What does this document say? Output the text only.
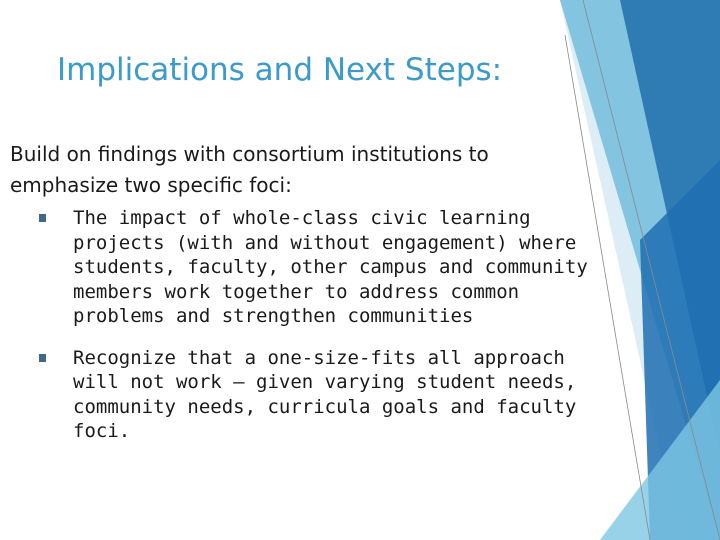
Implications and Next Steps:
Build on findings with consortium institutions to emphasize two specific foci:
The impact of whole-class civic learning projects (with and without engagement) where students, faculty, other campus and community members work together to address common problems and strengthen communities
Recognize that a one-size-fits all approach will not work – given varying student needs, community needs, curricula goals and faculty foci.
